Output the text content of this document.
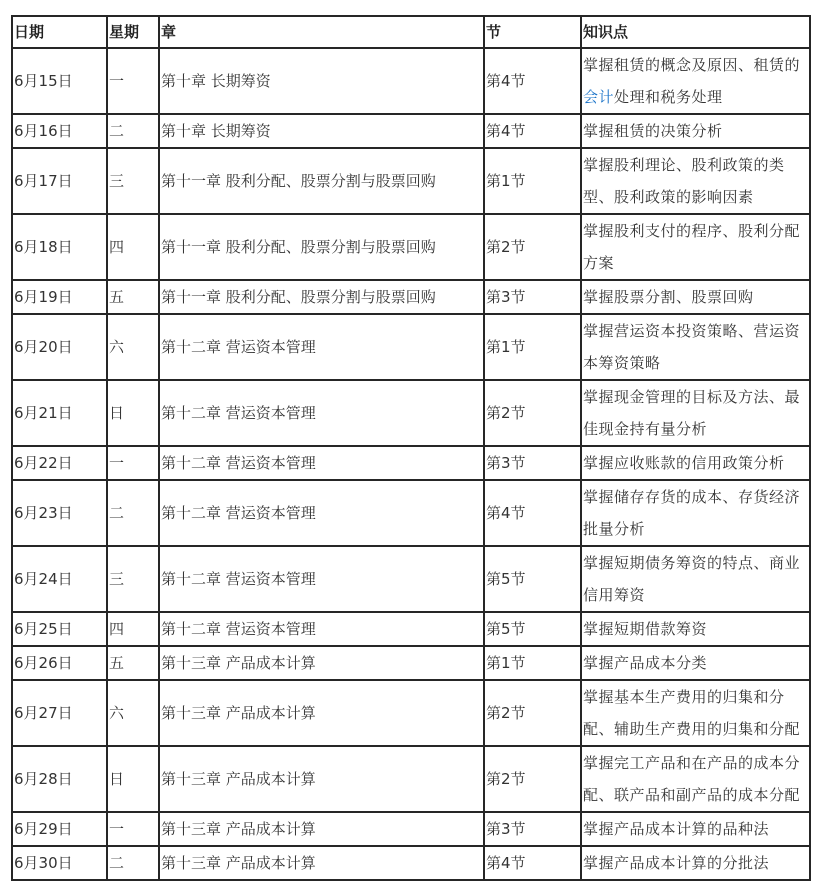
日期	星期	章	节	知识点
6月15日	一	第十章 长期筹资	第4节	掌握租赁的概念及原因、租赁的会计处理和税务处理
6月16日	二	第十章 长期筹资	第4节	掌握租赁的决策分析
6月17日	三	第十一章 股利分配、股票分割与股票回购	第1节	掌握股利理论、股利政策的类型、股利政策的影响因素
6月18日	四	第十一章 股利分配、股票分割与股票回购	第2节	掌握股利支付的程序、股利分配方案
6月19日	五	第十一章 股利分配、股票分割与股票回购	第3节	掌握股票分割、股票回购
6月20日	六	第十二章 营运资本管理	第1节	掌握营运资本投资策略、营运资本筹资策略
6月21日	日	第十二章 营运资本管理	第2节	掌握现金管理的目标及方法、最佳现金持有量分析
6月22日	一	第十二章 营运资本管理	第3节	掌握应收账款的信用政策分析
6月23日	二	第十二章 营运资本管理	第4节	掌握储存存货的成本、存货经济批量分析
6月24日	三	第十二章 营运资本管理	第5节	掌握短期债务筹资的特点、商业信用筹资
6月25日	四	第十二章 营运资本管理	第5节	掌握短期借款筹资
6月26日	五	第十三章 产品成本计算	第1节	掌握产品成本分类
6月27日	六	第十三章 产品成本计算	第2节	掌握基本生产费用的归集和分配、辅助生产费用的归集和分配
6月28日	日	第十三章 产品成本计算	第2节	掌握完工产品和在产品的成本分配、联产品和副产品的成本分配
6月29日	一	第十三章 产品成本计算	第3节	掌握产品成本计算的品种法
6月30日	二	第十三章 产品成本计算	第4节	掌握产品成本计算的分批法
